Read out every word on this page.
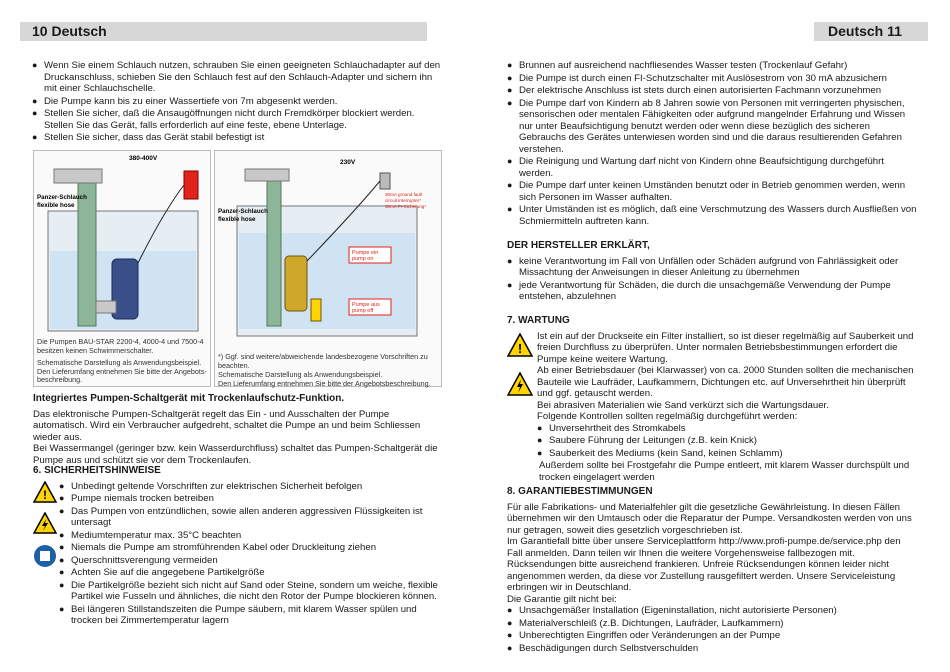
10 Deutsch
● Wenn Sie einem Schlauch nutzen, schrauben Sie einen geeigneten Schlauchadapter auf den Druckanschluss, schieben Sie den Schlauch fest auf den Schlauch-Adapter und sichern ihn mit einer Schlauchschelle.
● Die Pumpe kann bis zu einer Wassertiefe von 7m abgesenkt werden.
● Stellen Sie sicher, daß die Ansaugöffnungen nicht durch Fremdkörper blockiert werden. Stellen Sie das Gerät, falls erforderlich auf eine feste, ebene Unterlage.
● Stellen Sie sicher, dass das Gerät stabil befestigt ist
380-400V
Panzer-Schlauch
flexible hose
Die Pumpen BAU-STAR 2200-4, 4000-4 und 7500-4
besitzen keinen Schwimmerschalter.
Schematische Darstellung als Anwendungsbeispiel.
Den Lieferumfang entnehmen Sie bitte der Angebots-
beschreibung.
230V
30mA ground fault
circuit interrupter*
30mA FI-Sicherung*
Panzer-Schlauch
flexible hose
Pumpe ein
pump on
Pumpe aus
pump off
*) Ggf. sind weitere/abweichende landesbezogene Vorschriften zu beachten.
Schematische Darstellung als Anwendungsbeispiel.
Den Lieferumfang entnehmen Sie bitte der Angebotsbeschreibung.
Integriertes Pumpen-Schaltgerät mit Trockenlaufschutz-Funktion.
Das elektronische Pumpen-Schaltgerät regelt das Ein - und Ausschalten der Pumpe automatisch. Wird ein Verbraucher aufgedreht, schaltet die Pumpe an und beim Schliessen wieder aus.
Bei Wassermangel (geringer bzw. kein Wasserdurchfluss) schaltet das Pumpen-Schaltgerät die Pumpe aus und schützt sie vor dem Trockenlaufen.
6. SICHERHEITSHINWEISE
!
● Unbedingt geltende Vorschriften zur elektrischen Sicherheit befolgen
● Pumpe niemals trocken betreiben
● Das Pumpen von entzündlichen, sowie allen anderen aggressiven Flüssigkeiten ist untersagt
● Mediumtemperatur max. 35°C beachten
● Niemals die Pumpe am stromführenden Kabel oder Druckleitung ziehen
● Querschnittsverengung vermeiden
● Achten Sie auf die angegebene Partikelgröße
● Die Partikelgröße bezieht sich nicht auf Sand oder Steine, sondern um weiche, flexible Partikel wie Fusseln und ähnliches, die nicht den Rotor der Pumpe blockieren können.
● Bei längeren Stillstandszeiten die Pumpe säubern, mit klarem Wasser spülen und trocken bei Zimmertemperatur lagern
Deutsch 11
● Brunnen auf ausreichend nachfliesendes Wasser testen (Trockenlauf Gefahr)
● Die Pumpe ist durch einen FI-Schutzschalter mit Auslösestrom von 30 mA abzusichern
● Der elektrische Anschluss ist stets durch einen autorisierten Fachmann vorzunehmen
● Die Pumpe darf von Kindern ab 8 Jahren sowie von Personen mit verringerten physischen, sensorischen oder mentalen Fähigkeiten oder aufgrund mangelnder Erfahrung und Wissen nur unter Beaufsichtigung benutzt werden oder wenn diese bezüglich des sicheren Gebrauchs des Gerätes unterwiesen worden sind und die daraus resultierenden Gefahren verstehen.
● Die Reinigung und Wartung darf nicht von Kindern ohne Beaufsichtigung durchgeführt werden.
● Die Pumpe darf unter keinen Umständen benutzt oder in Betrieb genommen werden, wenn sich Personen im Wasser aufhalten.
● Unter Umständen ist es möglich, daß eine Verschmutzung des Wassers durch Ausfließen von Schmiermitteln auftreten kann.
DER HERSTELLER ERKLÄRT,
● keine Verantwortung im Fall von Unfällen oder Schäden aufgrund von Fahrlässigkeit oder Missachtung der Anweisungen in dieser Anleitung zu übernehmen
● jede Verantwortung für Schäden, die durch die unsachgemäße Verwendung der Pumpe entstehen, abzulehnen
7. WARTUNG
!
Ist ein auf der Druckseite ein Filter installiert, so ist dieser regelmäßig auf Sauberkeit und freien Durchfluss zu überprüfen. Unter normalen Betriebsbestimmungen erfordert die Pumpe keine weitere Wartung.
Ab einer Betriebsdauer (bei Klarwasser) von ca. 2000 Stunden sollten die mechanischen Bauteile wie Laufräder, Laufkammern, Dichtungen etc. auf Unversehrtheit hin überprüft und ggf. getauscht werden.
Bei abrasiven Materialien wie Sand verkürzt sich die Wartungsdauer.
Folgende Kontrollen sollten regelmäßig durchgeführt werden:
● Unversehrtheit des Stromkabels
● Saubere Führung der Leitungen (z.B. kein Knick)
● Sauberkeit des Mediums (kein Sand, keinen Schlamm)
Außerdem sollte bei Frostgefahr die Pumpe entleert, mit klarem Wasser durchspült und trocken eingelagert werden
8. GARANTIEBESTIMMUNGEN
Für alle Fabrikations- und Materialfehler gilt die gesetzliche Gewährleistung. In diesen Fällen übernehmen wir den Umtausch oder die Reparatur der Pumpe. Versandkosten werden von uns nur getragen, soweit dies gesetzlich vorgeschrieben ist.
Im Garantiefall bitte über unsere Serviceplattform http://www.profi-pumpe.de/service.php den Fall anmelden. Dann teilen wir Ihnen die weitere Vorgehensweise fallbezogen mit. Rücksendungen bitte ausreichend frankieren. Unfreie Rücksendungen können leider nicht angenommen werden, da diese vor Zustellung rausgefiltert werden. Unsere Serviceleistung erbringen wir in Deutschland.
Die Garantie gilt nicht bei:
● Unsachgemäßer Installation (Eigeninstallation, nicht autorisierte Personen)
● Materialverschleiß (z.B. Dichtungen, Laufräder, Laufkammern)
● Unberechtigten Eingriffen oder Veränderungen an der Pumpe
● Beschädigungen durch Selbstverschulden
